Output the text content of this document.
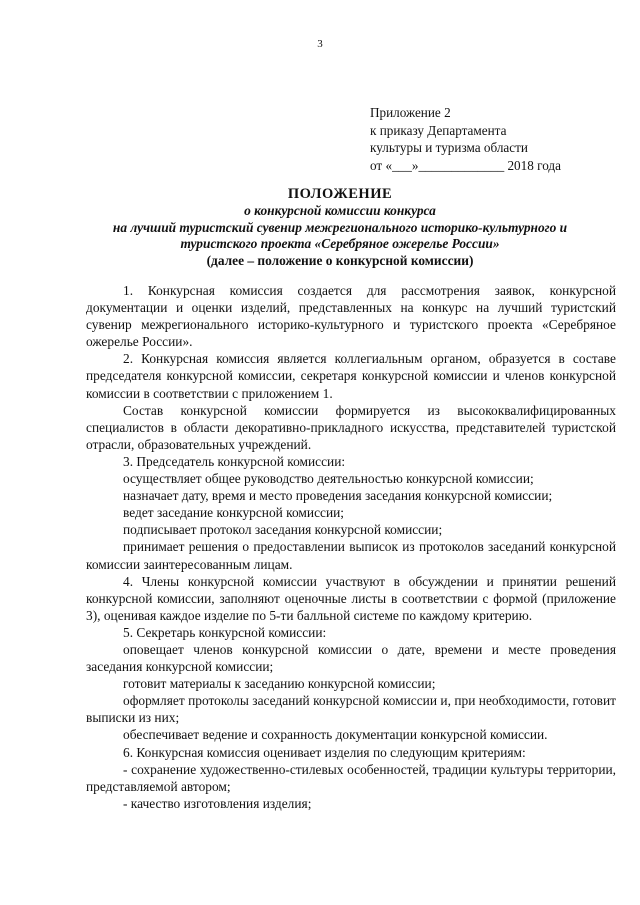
3
Приложение 2
к приказу Департамента
культуры и туризма области
от «___»_____________ 2018 года
ПОЛОЖЕНИЕ
о конкурсной комиссии конкурса
на лучший туристский сувенир межрегионального историко-культурного и
туристского проекта «Серебряное ожерелье России»
(далее – положение о конкурсной комиссии)

1. Конкурсная комиссия создается для рассмотрения заявок, конкурсной документации и оценки изделий, представленных на конкурс на лучший туристский сувенир межрегионального историко-культурного и туристского проекта «Серебряное ожерелье России».

2. Конкурсная комиссия является коллегиальным органом, образуется в составе председателя конкурсной комиссии, секретаря конкурсной комиссии и членов конкурсной комиссии в соответствии с приложением 1.

Состав конкурсной комиссии формируется из высококвалифицированных специалистов в области декоративно-прикладного искусства, представителей туристской отрасли, образовательных учреждений.

3. Председатель конкурсной комиссии:

осуществляет общее руководство деятельностью конкурсной комиссии;

назначает дату, время и место проведения заседания конкурсной комиссии;

ведет заседание конкурсной комиссии;

подписывает протокол заседания конкурсной комиссии;

принимает решения о предоставлении выписок из протоколов заседаний конкурсной комиссии заинтересованным лицам.

4. Члены конкурсной комиссии участвуют в обсуждении и принятии решений конкурсной комиссии, заполняют оценочные листы в соответствии с формой (приложение 3), оценивая каждое изделие по 5-ти балльной системе по каждому критерию.

5. Секретарь конкурсной комиссии:

оповещает членов конкурсной комиссии о дате, времени и месте проведения заседания конкурсной комиссии;

готовит материалы к заседанию конкурсной комиссии;

оформляет протоколы заседаний конкурсной комиссии и, при необходимости, готовит выписки из них;

обеспечивает ведение и сохранность документации конкурсной комиссии.

6. Конкурсная комиссия оценивает изделия по следующим критериям:

- сохранение художественно-стилевых особенностей, традиции культуры территории, представляемой автором;

- качество изготовления изделия;
